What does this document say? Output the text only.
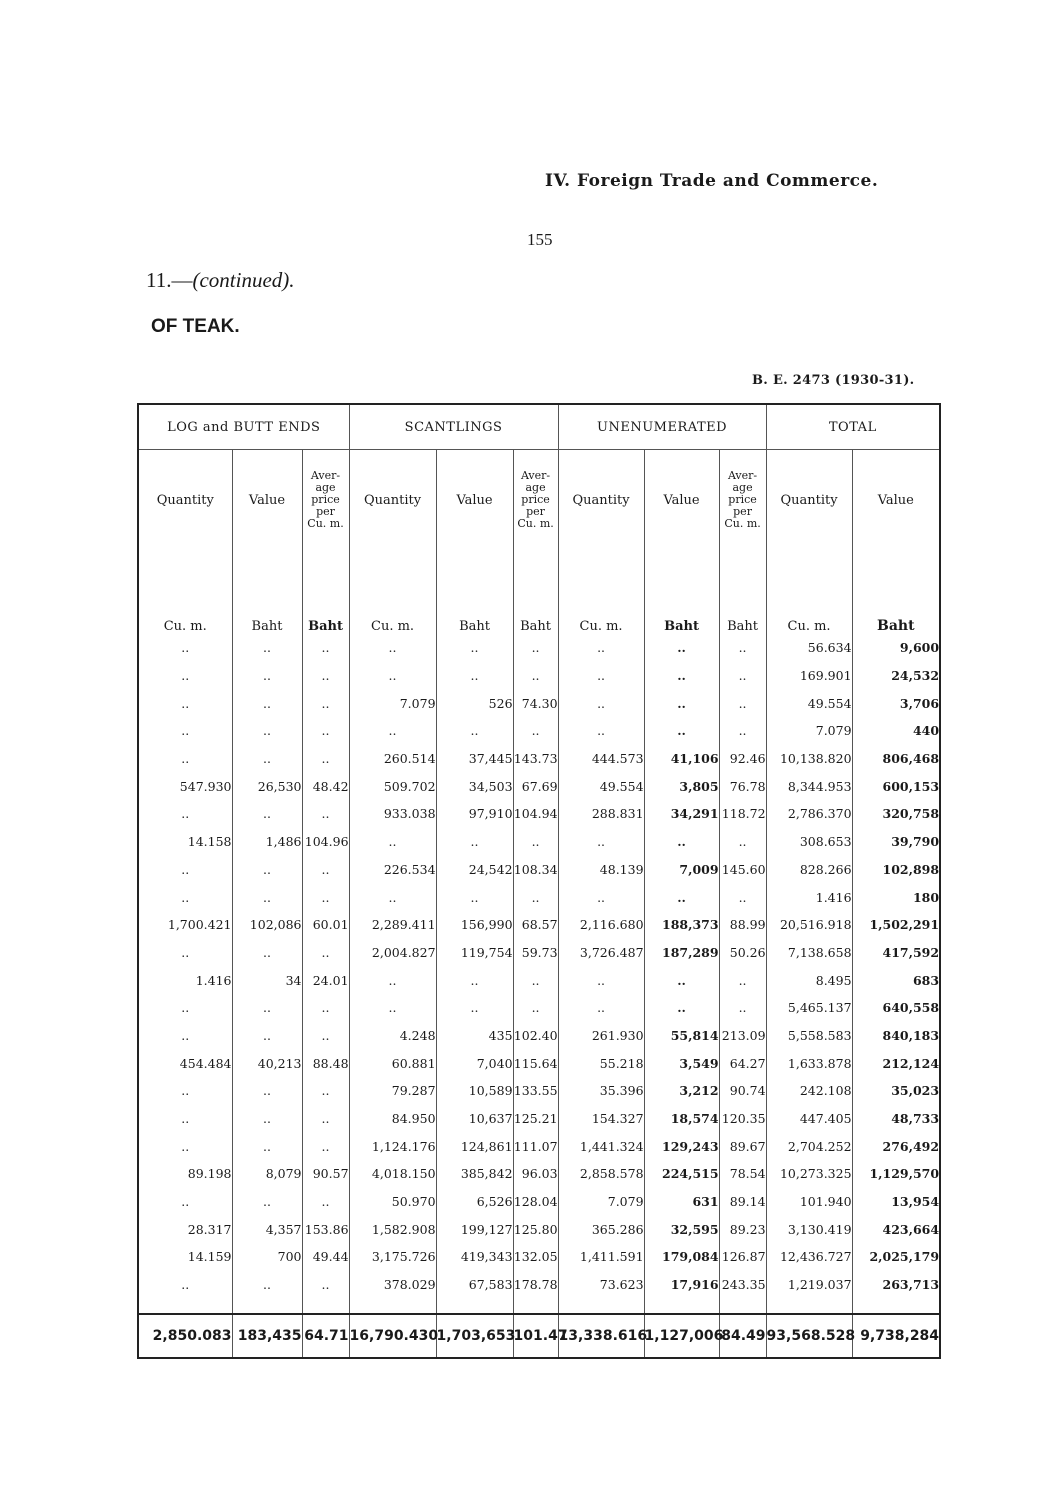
IV. Foreign Trade and Commerce.
155
11.—(continued).
OF TEAK.
B. E. 2473 (1930-31).
LOG and BUTT ENDS			SCANTLINGS			UNENUMERATED			TOTAL	
Quantity	Value	Aver-
age
price
per
Cu. m.	Quantity	Value	Aver-
age
price
per
Cu. m.	Quantity	Value	Aver-
age
price
per
Cu. m.	Quantity	Value
Cu. m.	Baht	Baht	Cu. m.	Baht	Baht	Cu. m.	Baht	Baht	Cu. m.	Baht
..	..	..	..	..	..	..	..	..	56.634	9,600
..	..	..	..	..	..	..	..	..	169.901	24,532
..	..	..	7.079	526	74.30	..	..	..	49.554	3,706
..	..	..	..	..	..	..	..	..	7.079	440
..	..	..	260.514	37,445	143.73	444.573	41,106	92.46	10,138.820	806,468
547.930	26,530	48.42	509.702	34,503	67.69	49.554	3,805	76.78	8,344.953	600,153
..	..	..	933.038	97,910	104.94	288.831	34,291	118.72	2,786.370	320,758
14.158	1,486	104.96	..	..	..	..	..	..	308.653	39,790
..	..	..	226.534	24,542	108.34	48.139	7,009	145.60	828.266	102,898
..	..	..	..	..	..	..	..	..	1.416	180
1,700.421	102,086	60.01	2,289.411	156,990	68.57	2,116.680	188,373	88.99	20,516.918	1,502,291
..	..	..	2,004.827	119,754	59.73	3,726.487	187,289	50.26	7,138.658	417,592
1.416	34	24.01	..	..	..	..	..	..	8.495	683
..	..	..	..	..	..	..	..	..	5,465.137	640,558
..	..	..	4.248	435	102.40	261.930	55,814	213.09	5,558.583	840,183
454.484	40,213	88.48	60.881	7,040	115.64	55.218	3,549	64.27	1,633.878	212,124
..	..	..	79.287	10,589	133.55	35.396	3,212	90.74	242.108	35,023
..	..	..	84.950	10,637	125.21	154.327	18,574	120.35	447.405	48,733
..	..	..	1,124.176	124,861	111.07	1,441.324	129,243	89.67	2,704.252	276,492
89.198	8,079	90.57	4,018.150	385,842	96.03	2,858.578	224,515	78.54	10,273.325	1,129,570
..	..	..	50.970	6,526	128.04	7.079	631	89.14	101.940	13,954
28.317	4,357	153.86	1,582.908	199,127	125.80	365.286	32,595	89.23	3,130.419	423,664
14.159	700	49.44	3,175.726	419,343	132.05	1,411.591	179,084	126.87	12,436.727	2,025,179
..	..	..	378.029	67,583	178.78	73.623	17,916	243.35	1,219.037	263,713

2,850.083	183,435	64.71	16,790.430	1,703,653	101.47	13,338.616	1,127,006	84.49	93,568.528	9,738,284
